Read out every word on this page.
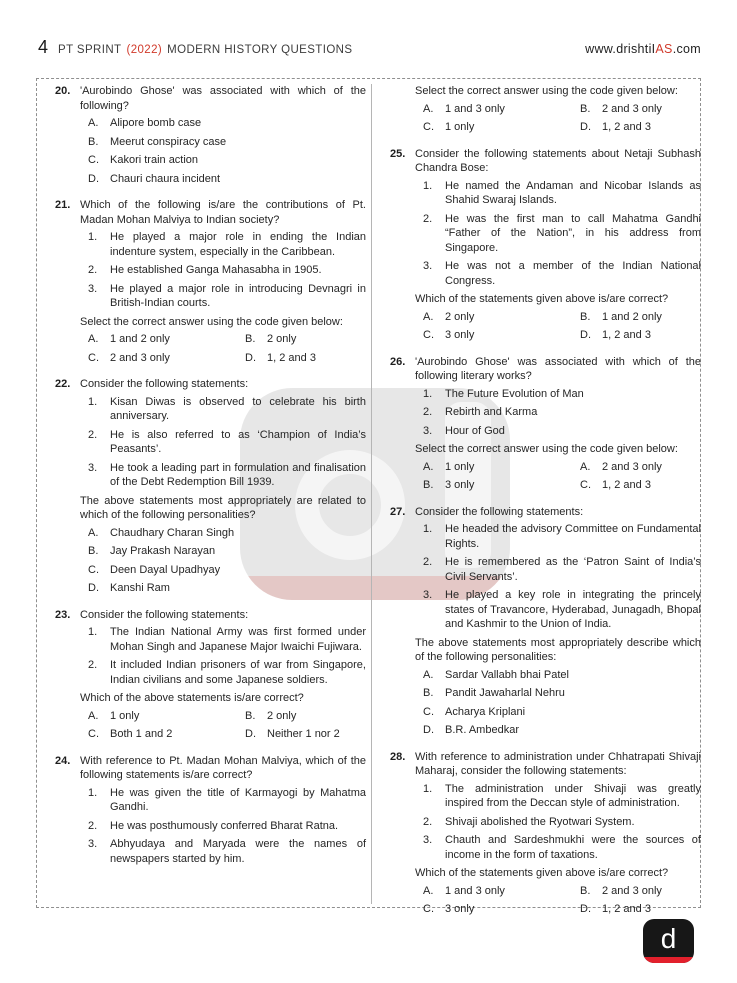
4 PT SPRINT (2022) MODERN HISTORY QUESTIONS	www.drishtiIAS.com
20. 'Aurobindo Ghose' was associated with which of the following?
A.	Alipore bomb case
B.	Meerut conspiracy case
C.	Kakori train action
D.	Chauri chaura incident
21. Which of the following is/are the contributions of Pt. Madan Mohan Malviya to Indian society?
1.	He played a major role in ending the Indian indenture system, especially in the Caribbean.
2.	He established Ganga Mahasabha in 1905.
3.	He played a major role in introducing Devnagri in British-Indian courts.
Select the correct answer using the code given below:
A.	1 and 2 only	B.	2 only
C.	2 and 3 only	D.	1, 2 and 3
22. Consider the following statements:
1.	Kisan Diwas is observed to celebrate his birth anniversary.
2.	He is also referred to as ‘Champion of India’s Peasants’.
3.	He took a leading part in formulation and finalisation of the Debt Redemption Bill 1939.
The above statements most appropriately are related to which of the following personalities?
A.	Chaudhary Charan Singh
B.	Jay Prakash Narayan
C.	Deen Dayal Upadhyay
D.	Kanshi Ram
23. Consider the following statements:
1.	The Indian National Army was first formed under Mohan Singh and Japanese Major Iwaichi Fujiwara.
2.	It included Indian prisoners of war from Singapore, Indian civilians and some Japanese soldiers.
Which of the above statements is/are correct?
A.	1 only	B.	2 only
C.	Both 1 and 2	D.	Neither 1 nor 2
24. With reference to Pt. Madan Mohan Malviya, which of the following statements is/are correct?
1.	He was given the title of Karmayogi by Mahatma Gandhi.
2.	He was posthumously conferred Bharat Ratna.
3.	Abhyudaya and Maryada were the names of newspapers started by him.
Select the correct answer using the code given below:
A.	1 and 3 only	B.	2 and 3 only
C.	1 only	D.	1, 2 and 3
25. Consider the following statements about Netaji Subhash Chandra Bose:
1.	He named the Andaman and Nicobar Islands as Shahid Swaraj Islands.
2.	He was the first man to call Mahatma Gandhi “Father of the Nation”, in his address from Singapore.
3.	He was not a member of the Indian National Congress.
Which of the statements given above is/are correct?
A.	2 only	B.	1 and 2 only
C.	3 only	D.	1, 2 and 3
26. 'Aurobindo Ghose' was associated with which of the following literary works?
1.	The Future Evolution of Man
2.	Rebirth and Karma
3.	Hour of God
Select the correct answer using the code given below:
A.	1 only	A.	2 and 3 only
B.	3 only	C.	1, 2 and 3
27. Consider the following statements:
1.	He headed the advisory Committee on Fundamental Rights.
2.	He is remembered as the ‘Patron Saint of India’s Civil Servants’.
3.	He played a key role in integrating the princely states of Travancore, Hyderabad, Junagadh, Bhopal and Kashmir to the Union of India.
The above statements most appropriately describe which of the following personalities:
A.	Sardar Vallabh bhai Patel
B.	Pandit Jawaharlal Nehru
C.	Acharya Kriplani
D.	B.R. Ambedkar
28. With reference to administration under Chhatrapati Shivaji Maharaj, consider the following statements:
1.	The administration under Shivaji was greatly inspired from the Deccan style of administration.
2.	Shivaji abolished the Ryotwari System.
3.	Chauth and Sardeshmukhi were the sources of income in the form of taxations.
Which of the statements given above is/are correct?
A.	1 and 3 only	B.	2 and 3 only
C.	3 only	D.	1, 2 and 3
d
